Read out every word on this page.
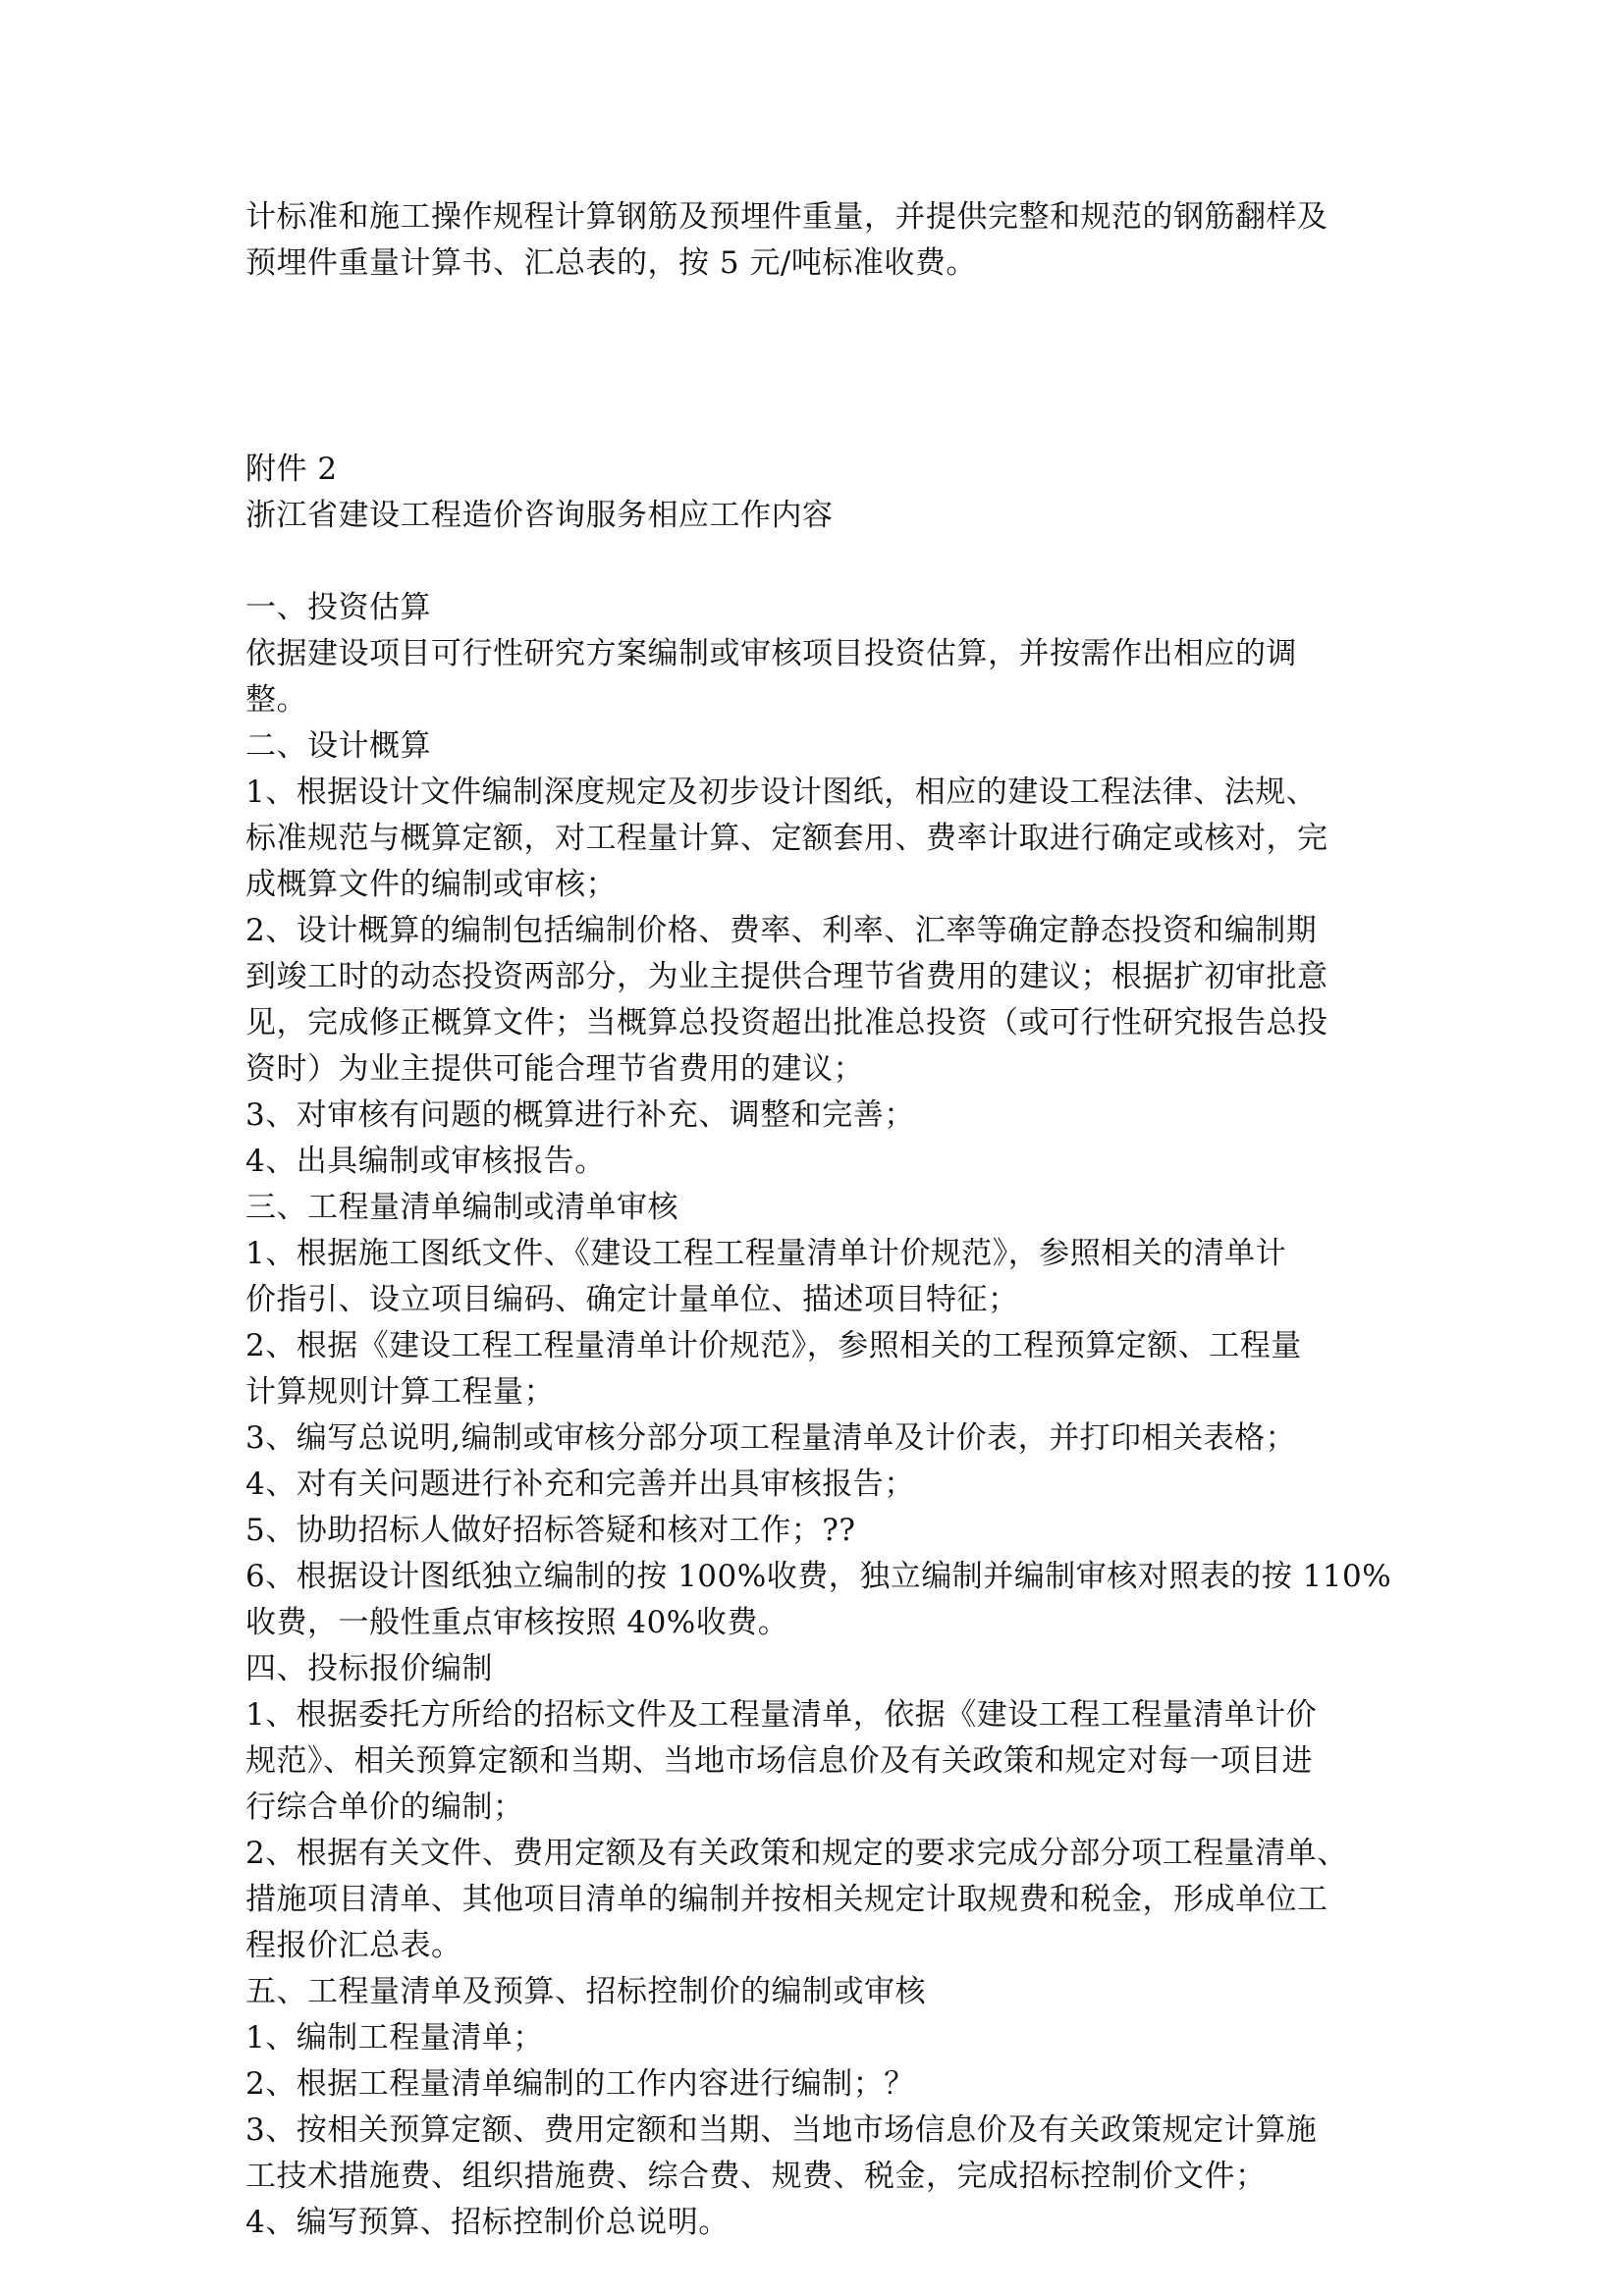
计标准和施工操作规程计算钢筋及预埋件重量，并提供完整和规范的钢筋翻样及

预埋件重量计算书、汇总表的，按 5 元/吨标准收费。

附件 2

浙江省建设工程造价咨询服务相应工作内容

一、投资估算

依据建设项目可行性研究方案编制或审核项目投资估算，并按需作出相应的调

整。

二、设计概算

1、根据设计文件编制深度规定及初步设计图纸，相应的建设工程法律、法规、

标准规范与概算定额，对工程量计算、定额套用、费率计取进行确定或核对，完

成概算文件的编制或审核；

2、设计概算的编制包括编制价格、费率、利率、汇率等确定静态投资和编制期

到竣工时的动态投资两部分，为业主提供合理节省费用的建议；根据扩初审批意

见，完成修正概算文件；当概算总投资超出批准总投资（或可行性研究报告总投

资时）为业主提供可能合理节省费用的建议；

3、对审核有问题的概算进行补充、调整和完善；

4、出具编制或审核报告。

三、工程量清单编制或清单审核

1、根据施工图纸文件、《建设工程工程量清单计价规范》，参照相关的清单计

价指引、设立项目编码、确定计量单位、描述项目特征；

2、根据《建设工程工程量清单计价规范》，参照相关的工程预算定额、工程量

计算规则计算工程量；

3、编写总说明,编制或审核分部分项工程量清单及计价表，并打印相关表格；

4、对有关问题进行补充和完善并出具审核报告；

5、协助招标人做好招标答疑和核对工作；??

6、根据设计图纸独立编制的按 100%收费，独立编制并编制审核对照表的按 110%

收费，一般性重点审核按照 40%收费。

四、投标报价编制

1、根据委托方所给的招标文件及工程量清单，依据《建设工程工程量清单计价

规范》、相关预算定额和当期、当地市场信息价及有关政策和规定对每一项目进

行综合单价的编制；

2、根据有关文件、费用定额及有关政策和规定的要求完成分部分项工程量清单、

措施项目清单、其他项目清单的编制并按相关规定计取规费和税金，形成单位工

程报价汇总表。

五、工程量清单及预算、招标控制价的编制或审核

1、编制工程量清单；

2、根据工程量清单编制的工作内容进行编制；？

3、按相关预算定额、费用定额和当期、当地市场信息价及有关政策规定计算施

工技术措施费、组织措施费、综合费、规费、税金，完成招标控制价文件；

4、编写预算、招标控制价总说明。
